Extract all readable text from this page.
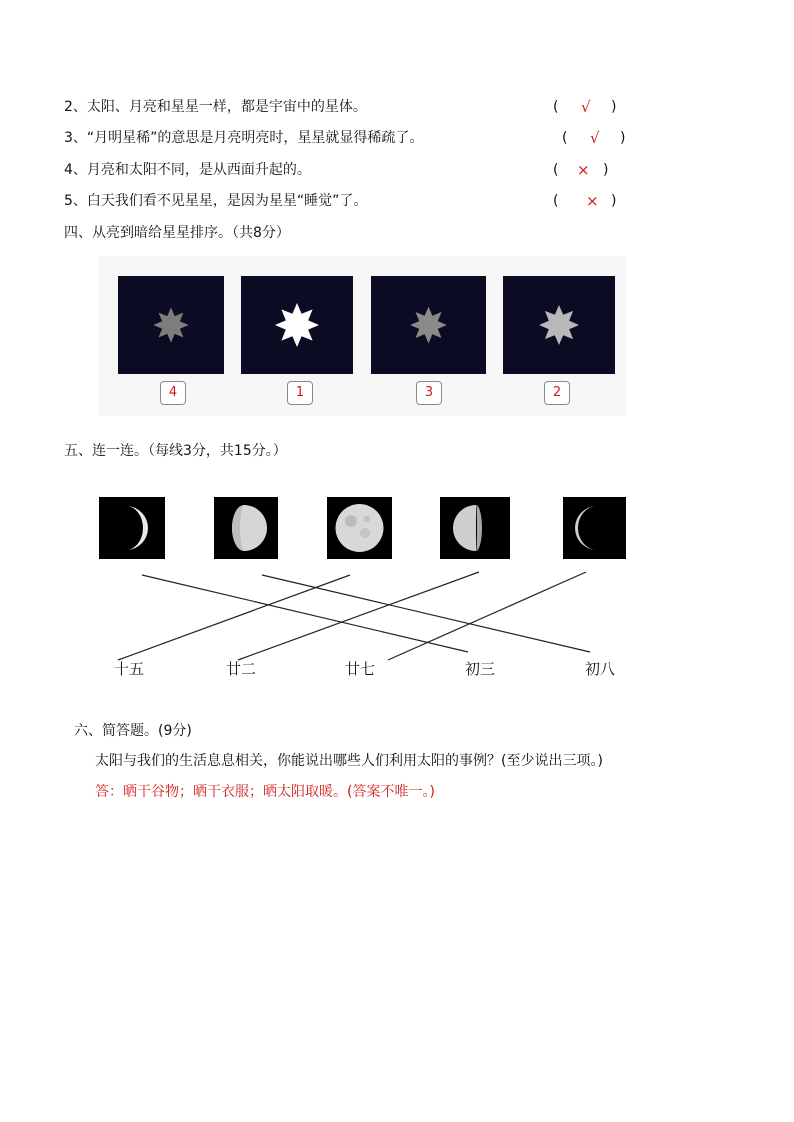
2、太阳、月亮和星星一样，都是宇宙中的星体。	( √ )
3、“月明星稀”的意思是月亮明亮时，星星就显得稀疏了。	( √ )
4、月亮和太阳不同，是从西面升起的。	( × )
5、白天我们看不见星星，是因为星星“睡觉”了。	( × )
四、从亮到暗给星星排序。（共8分）
4	1	3	2
五、连一连。（每线3分，共15分。）
十五	廿二	廿七	初三	初八
六、简答题。(9分)
太阳与我们的生活息息相关，你能说出哪些人们利用太阳的事例？(至少说出三项。)
答：晒干谷物；晒干衣服；晒太阳取暖。(答案不唯一。)
